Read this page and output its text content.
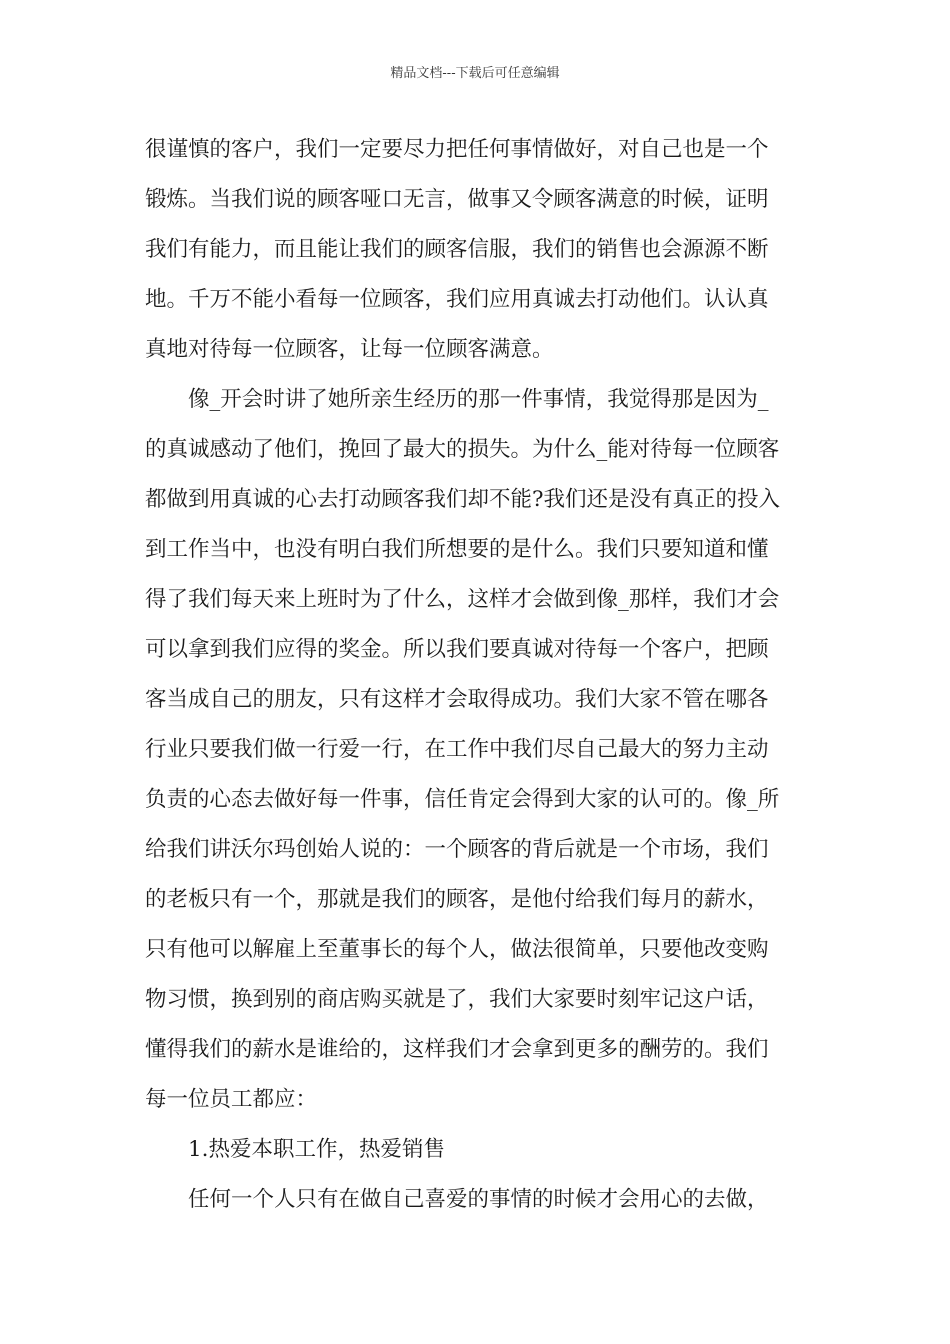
精品文档---下载后可任意编辑
很谨慎的客户，我们一定要尽力把任何事情做好，对自己也是一个
锻炼。当我们说的顾客哑口无言，做事又令顾客满意的时候，证明
我们有能力，而且能让我们的顾客信服，我们的销售也会源源不断
地。千万不能小看每一位顾客，我们应用真诚去打动他们。认认真
真地对待每一位顾客，让每一位顾客满意。
像_开会时讲了她所亲生经历的那一件事情，我觉得那是因为_
的真诚感动了他们，挽回了最大的损失。为什么_能对待每一位顾客
都做到用真诚的心去打动顾客我们却不能?我们还是没有真正的投入
到工作当中，也没有明白我们所想要的是什么。我们只要知道和懂
得了我们每天来上班时为了什么，这样才会做到像_那样，我们才会
可以拿到我们应得的奖金。所以我们要真诚对待每一个客户，把顾
客当成自己的朋友，只有这样才会取得成功。我们大家不管在哪各
行业只要我们做一行爱一行，在工作中我们尽自己最大的努力主动
负责的心态去做好每一件事，信任肯定会得到大家的认可的。像_所
给我们讲沃尔玛创始人说的：一个顾客的背后就是一个市场，我们
的老板只有一个，那就是我们的顾客，是他付给我们每月的薪水，
只有他可以解雇上至董事长的每个人，做法很简单，只要他改变购
物习惯，换到别的商店购买就是了，我们大家要时刻牢记这户话，
懂得我们的薪水是谁给的，这样我们才会拿到更多的酬劳的。我们
每一位员工都应：
1.热爱本职工作，热爱销售
任何一个人只有在做自己喜爱的事情的时候才会用心的去做，
